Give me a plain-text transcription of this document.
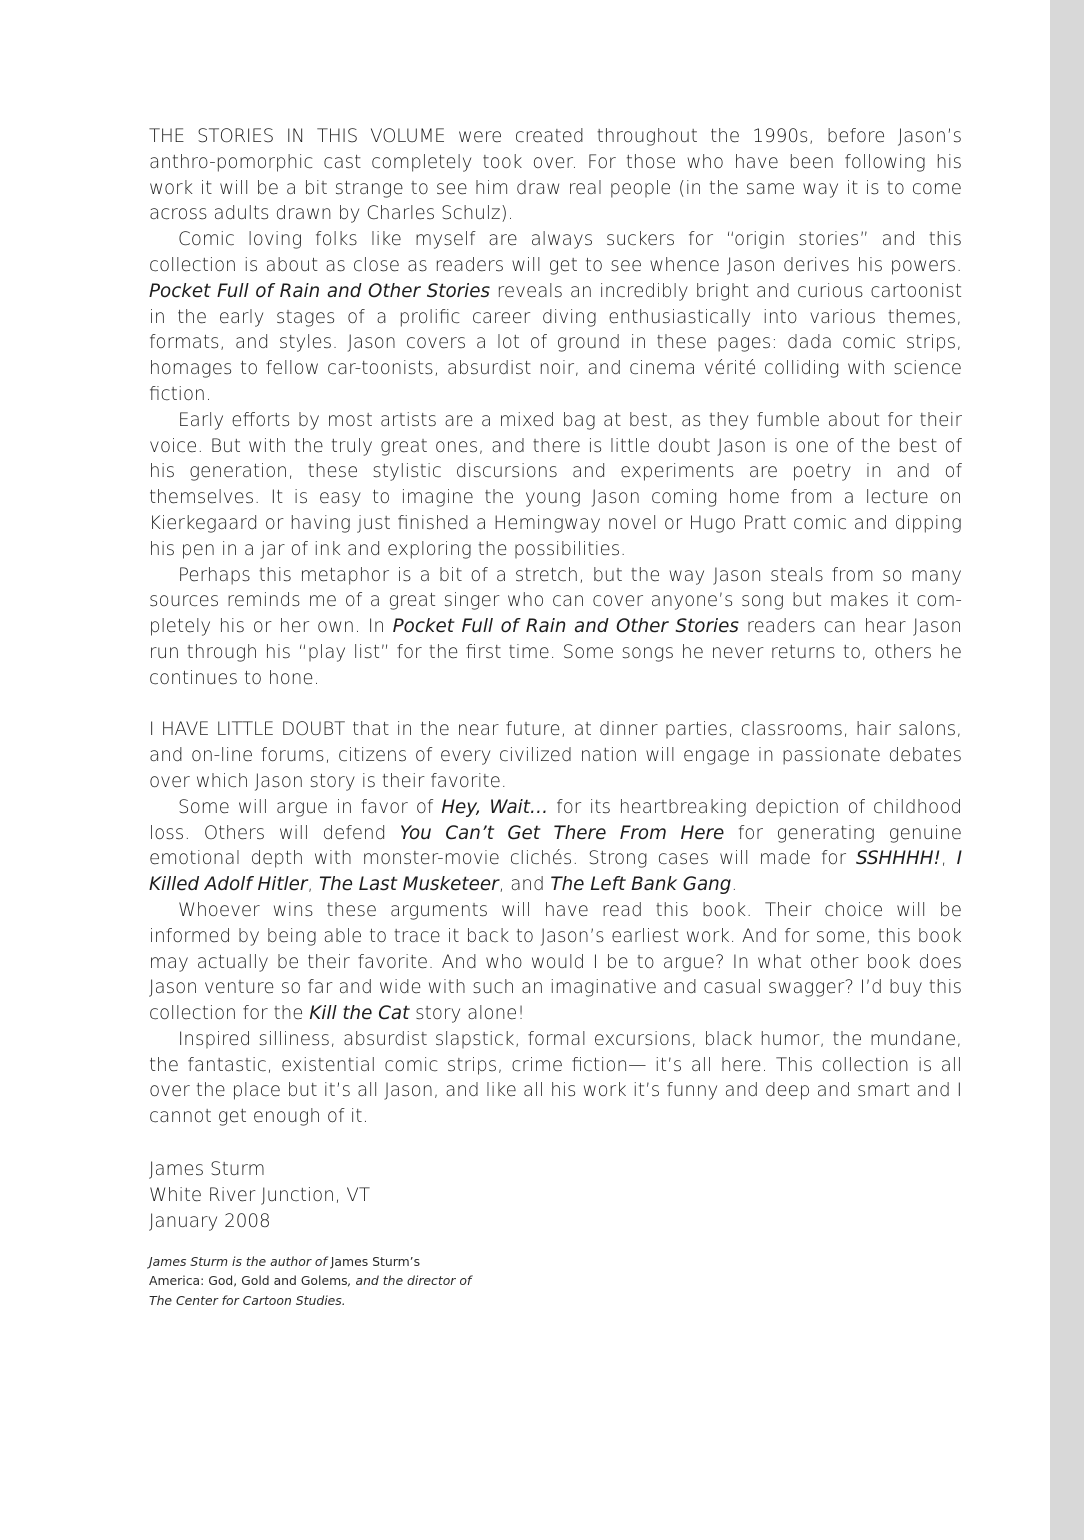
THE STORIES IN THIS VOLUME were created throughout the 1990s, before Jason’s anthro-pomorphic cast completely took over. For those who have been following his work it will be a bit strange to see him draw real people (in the same way it is to come across adults drawn by Charles Schulz).

Comic loving folks like myself are always suckers for “origin stories” and this collection is about as close as readers will get to see whence Jason derives his powers. Pocket Full of Rain and Other Stories reveals an incredibly bright and curious cartoonist in the early stages of a prolific career diving enthusiastically into various themes, formats, and styles. Jason covers a lot of ground in these pages: dada comic strips, homages to fellow car-toonists, absurdist noir, and cinema vérité colliding with science fiction.

Early efforts by most artists are a mixed bag at best, as they fumble about for their voice. But with the truly great ones, and there is little doubt Jason is one of the best of his generation, these stylistic discursions and experiments are poetry in and of themselves. It is easy to imagine the young Jason coming home from a lecture on Kierkegaard or having just finished a Hemingway novel or Hugo Pratt comic and dipping his pen in a jar of ink and exploring the possibilities.

Perhaps this metaphor is a bit of a stretch, but the way Jason steals from so many sources reminds me of a great singer who can cover anyone’s song but makes it com-pletely his or her own. In Pocket Full of Rain and Other Stories readers can hear Jason run through his “play list” for the first time. Some songs he never returns to, others he continues to hone.

I HAVE LITTLE DOUBT that in the near future, at dinner parties, classrooms, hair salons, and on-line forums, citizens of every civilized nation will engage in passionate debates over which Jason story is their favorite.

Some will argue in favor of Hey, Wait… for its heartbreaking depiction of childhood loss. Others will defend You Can’t Get There From Here for generating genuine emotional depth with monster-movie clichés. Strong cases will made for SSHHHH!, I Killed Adolf Hitler, The Last Musketeer, and The Left Bank Gang.

Whoever wins these arguments will have read this book. Their choice will be informed by being able to trace it back to Jason’s earliest work. And for some, this book may actually be their favorite. And who would I be to argue? In what other book does Jason venture so far and wide with such an imaginative and casual swagger? I’d buy this collection for the Kill the Cat story alone!

Inspired silliness, absurdist slapstick, formal excursions, black humor, the mundane, the fantastic, existential comic strips, crime fiction— it’s all here. This collection is all over the place but it’s all Jason, and like all his work it’s funny and deep and smart and I cannot get enough of it.

James Sturm
White River Junction, VT
January 2008
James Sturm is the author of James Sturm’s America: God, Gold and Golems, and the director of The Center for Cartoon Studies.
